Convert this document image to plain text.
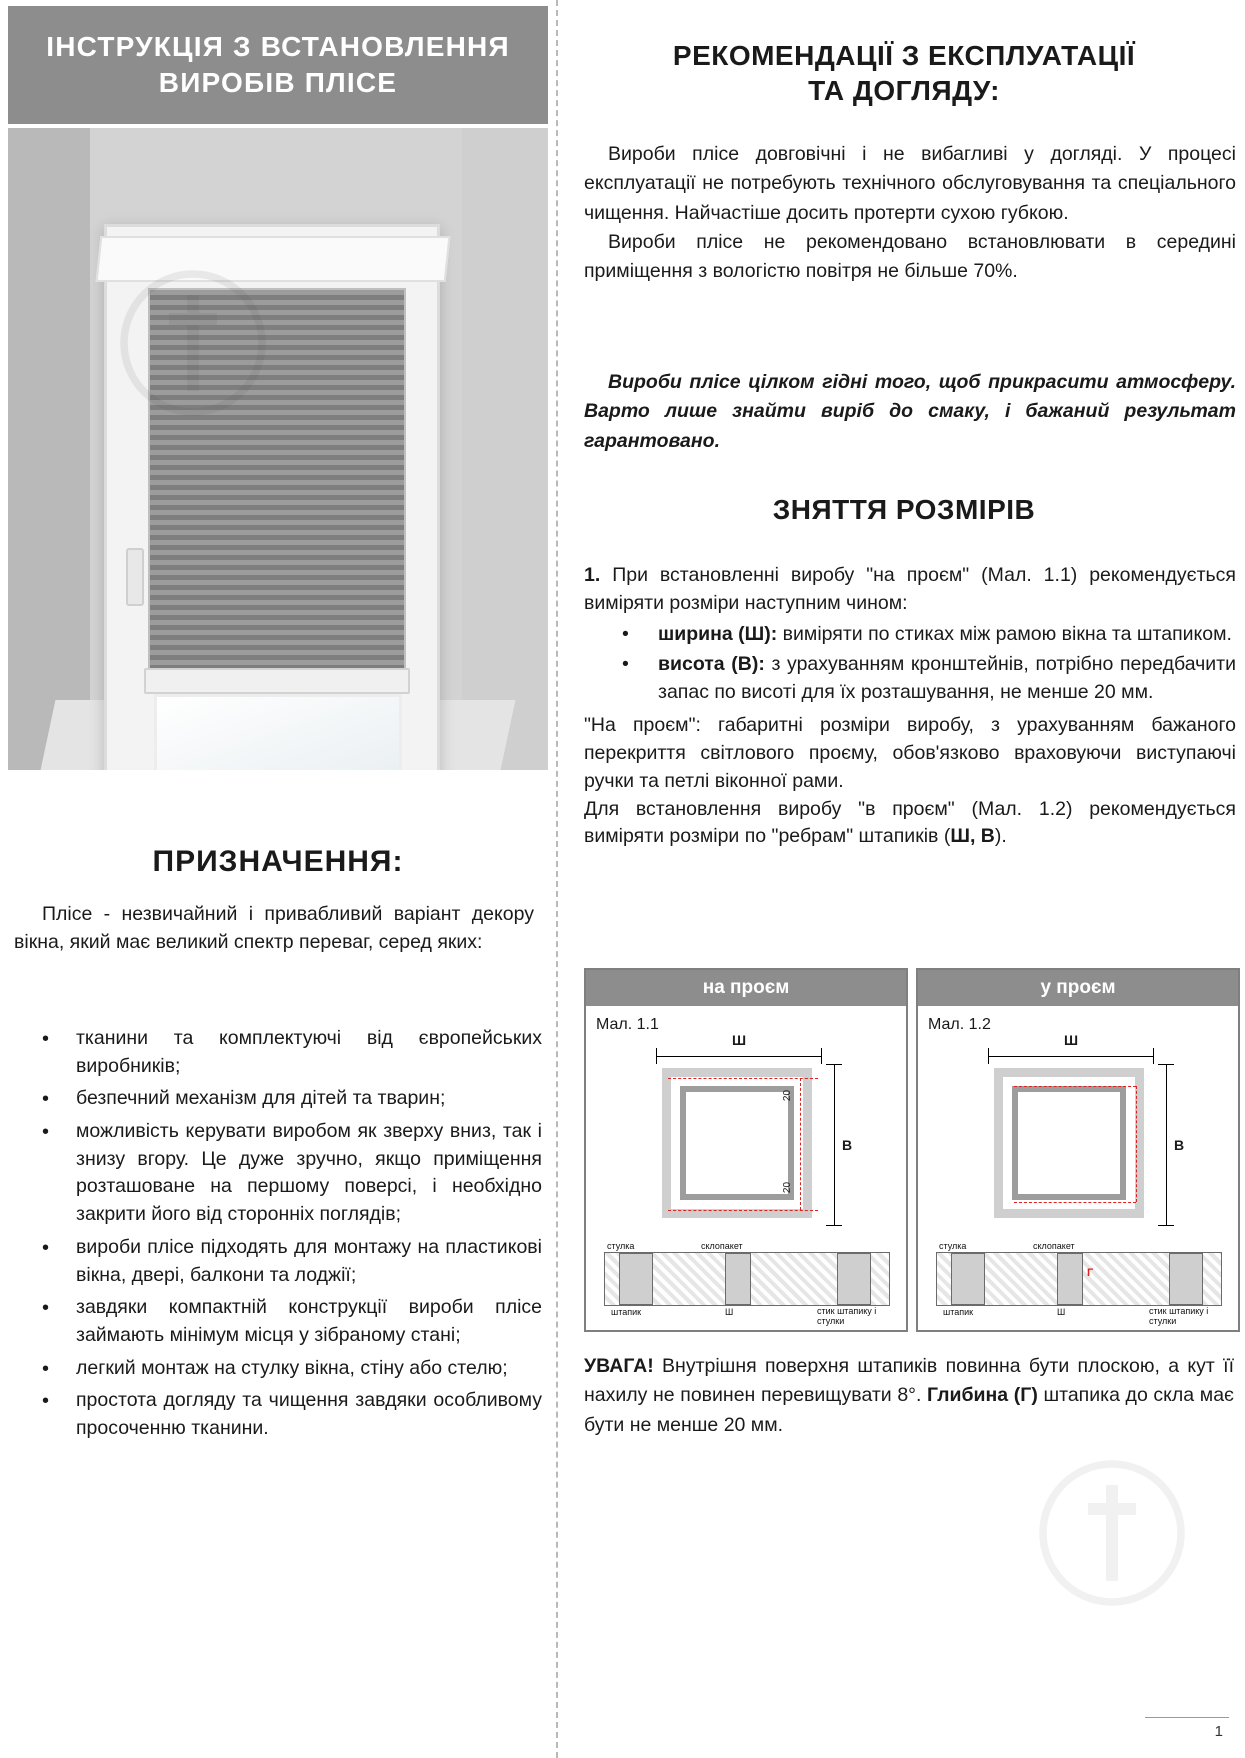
ІНСТРУКЦІЯ З ВСТАНОВЛЕННЯ
ВИРОБІВ ПЛІСЕ
ПРИЗНАЧЕННЯ:

Пліcе - незвичайний і привабливий варіант декору вікна, який має великий спектр переваг, серед яких:

• тканини та комплектуючі від європейських виробників;
• безпечний механізм для дітей та тварин;
• можливість керувати виробом як зверху вниз, так і знизу вгору. Це дуже зручно, якщо приміщення розташоване на першому поверсі, і необхідно закрити його від сторонніх поглядів;
• вироби пліcе підходять для монтажу на пластикові вікна, двері, балкони та лоджії;
• завдяки компактній конструкції вироби пліcе займають мінімум місця у зібраному стані;
• легкий монтаж на стулку вікна, стіну або стелю;
• простота догляду та чищення завдяки особливому просоченню тканини.
РЕКОМЕНДАЦІЇ З ЕКСПЛУАТАЦІЇ
ТА ДОГЛЯДУ:

Вироби пліcе довговічні і не вибагливі у догляді. У процесі експлуатації не потребують технічного обслуговування та спеціального чищення. Найчастіше досить протерти сухою губкою.

Вироби пліcе не рекомендовано встановлювати в середині приміщення з вологістю повітря не більше 70%.

Вироби пліcе цілком гідні того, щоб прикрасити атмосферу. Варто лише знайти виріб до смаку, і бажаний результат гарантовано.

ЗНЯТТЯ РОЗМІРІВ

1. При встановленні виробу "на проєм" (Мал. 1.1) рекомендується виміряти розміри наступним чином:

• ширина (Ш): виміряти по стиках між рамою вікна та штапиком.
• висота (В): з урахуванням кронштейнів, потрібно передбачити запас по висоті для їх розташування, не менше 20 мм.

"На проєм": габаритні розміри виробу, з урахуванням бажаного перекриття світлового проєму, обов'язково враховуючи виступаючі ручки та петлі віконної рами.

Для встановлення виробу "в проєм" (Мал. 1.2) рекомендується виміряти розміри по "ребрам" штапиків (Ш, В).

1
на проєм
Мал. 1.1
Ш
В
20
20
стулка	склопакет
штапик	Ш	стик штапику і стулки
у проєм
Мал. 1.2
Ш
В
стулка	склопакет
штапик	Ш	стик штапику і стулки
Г
УВАГА! Внутрішня поверхня штапиків повинна бути плоскою, а кут її нахилу не повинен перевищувати 8°. Глибина (Г) штапика до скла має бути не менше 20 мм.
